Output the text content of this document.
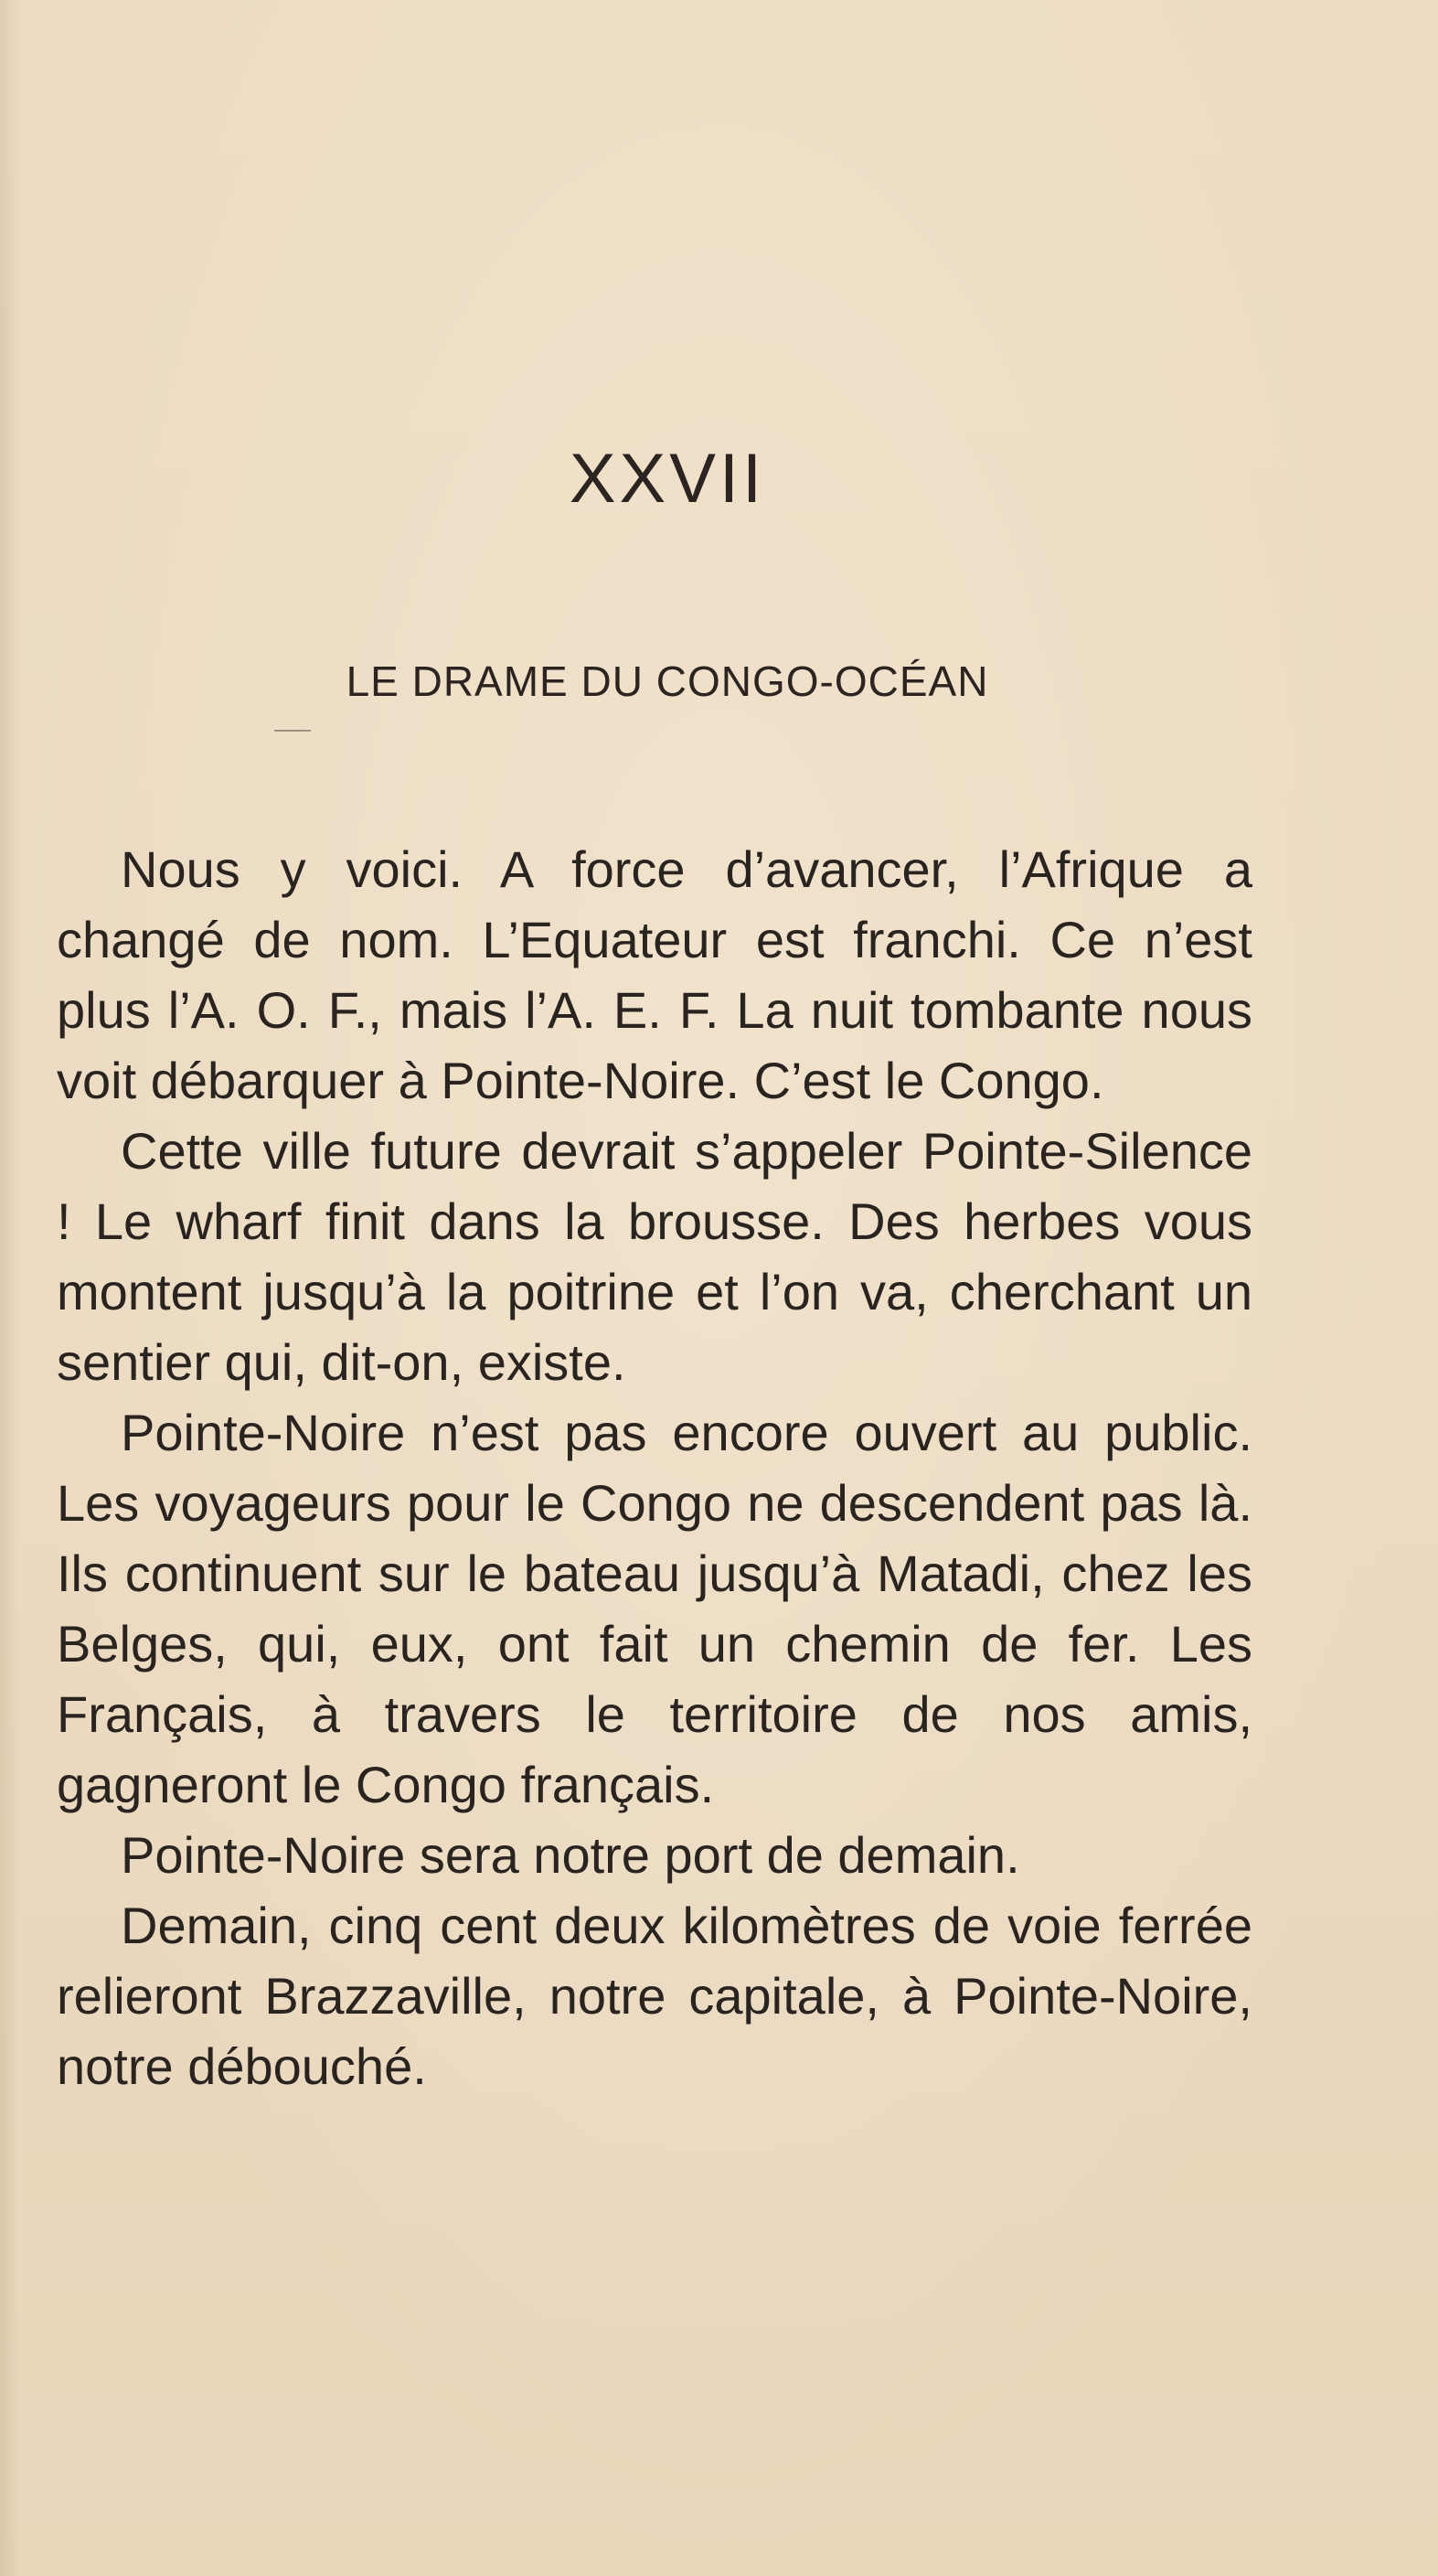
XXVII
LE DRAME DU CONGO-OCÉAN

Nous y voici. A force d’avancer, l’Afrique a changé de nom. L’Equateur est franchi. Ce n’est plus l’A. O. F., mais l’A. E. F. La nuit tombante nous voit débarquer à Pointe-Noire. C’est le Congo.

Cette ville future devrait s’appeler Pointe-Silence ! Le wharf finit dans la brousse. Des herbes vous montent jusqu’à la poitrine et l’on va, cherchant un sentier qui, dit-on, existe.

Pointe-Noire n’est pas encore ouvert au public. Les voyageurs pour le Congo ne descendent pas là. Ils continuent sur le bateau jusqu’à Matadi, chez les Belges, qui, eux, ont fait un chemin de fer. Les Français, à travers le territoire de nos amis, gagneront le Congo français.

Pointe-Noire sera notre port de demain.

Demain, cinq cent deux kilomètres de voie ferrée relieront Brazzaville, notre capitale, à Pointe-Noire, notre débouché.
